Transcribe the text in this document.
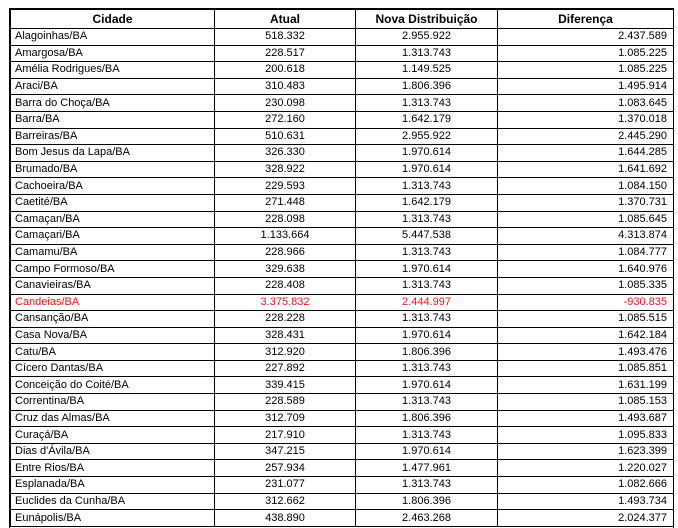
Cidade	Atual	Nova Distribuição	Diferença
Alagoinhas/BA	518.332	2.955.922	2.437.589
Amargosa/BA	228.517	1.313.743	1.085.225
Amélia Rodrigues/BA	200.618	1.149.525	1.085.225
Araci/BA	310.483	1.806.396	1.495.914
Barra do Choça/BA	230.098	1.313.743	1.083.645
Barra/BA	272.160	1.642.179	1.370.018
Barreiras/BA	510.631	2.955.922	2.445.290
Bom Jesus da Lapa/BA	326.330	1.970.614	1.644.285
Brumado/BA	328.922	1.970.614	1.641.692
Cachoeira/BA	229.593	1.313.743	1.084.150
Caetité/BA	271.448	1.642.179	1.370.731
Camaçan/BA	228.098	1.313.743	1.085.645
Camaçari/BA	1.133.664	5.447.538	4.313.874
Camamu/BA	228.966	1.313.743	1.084.777
Campo Formoso/BA	329.638	1.970.614	1.640.976
Canavieiras/BA	228.408	1.313.743	1.085.335
Candeias/BA	3.375.832	2.444.997	-930.835
Cansanção/BA	228.228	1.313.743	1.085.515
Casa Nova/BA	328.431	1.970.614	1.642.184
Catu/BA	312.920	1.806.396	1.493.476
Cícero Dantas/BA	227.892	1.313.743	1.085.851
Conceição do Coité/BA	339.415	1.970.614	1.631.199
Correntina/BA	228.589	1.313.743	1.085.153
Cruz das Almas/BA	312.709	1.806.396	1.493.687
Curaçá/BA	217.910	1.313.743	1.095.833
Dias d'Ávila/BA	347.215	1.970.614	1.623.399
Entre Rios/BA	257.934	1.477.961	1.220.027
Esplanada/BA	231.077	1.313.743	1.082.666
Euclides da Cunha/BA	312.662	1.806.396	1.493.734
Eunápolis/BA	438.890	2.463.268	2.024.377
